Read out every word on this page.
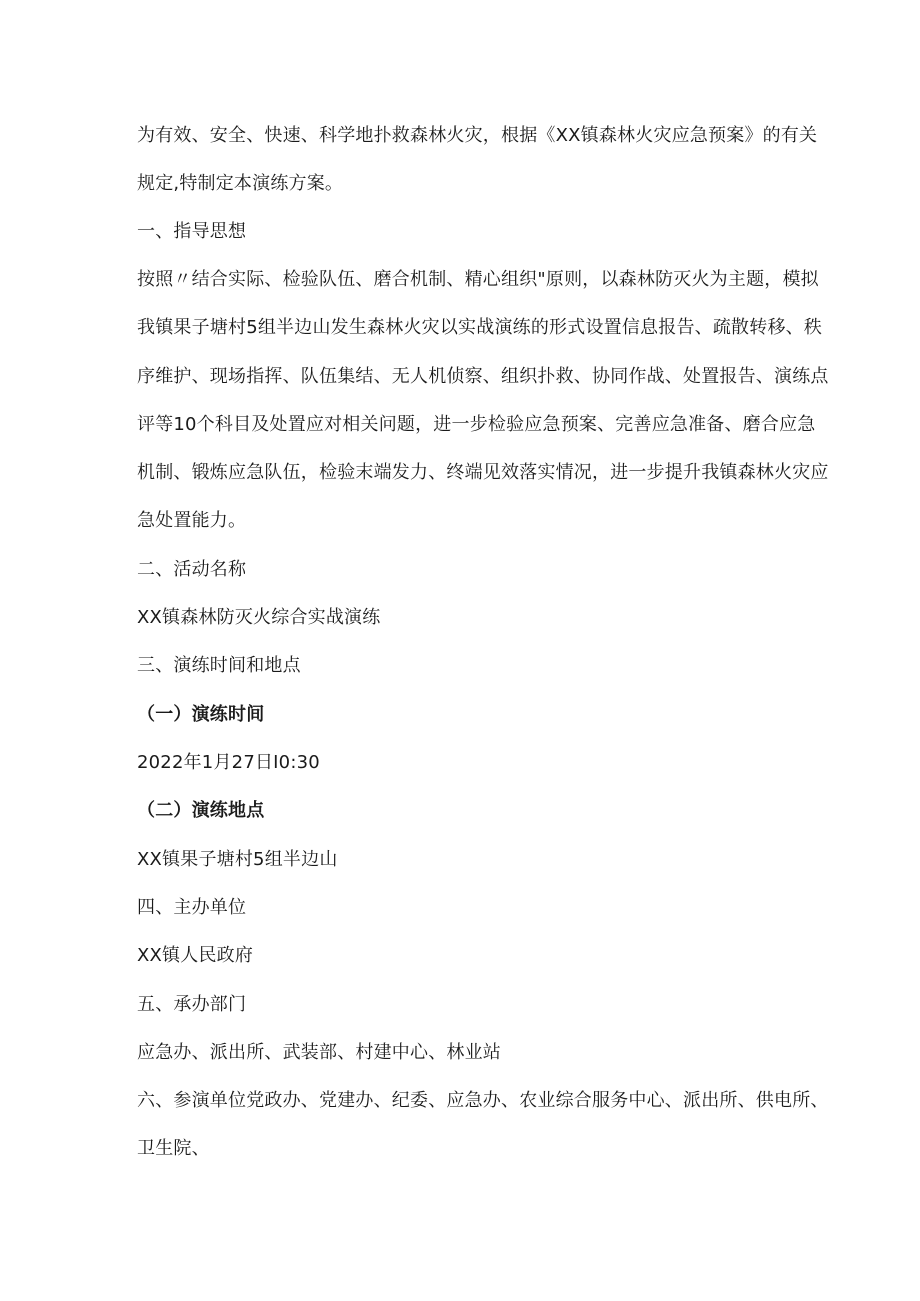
为有效、安全、快速、科学地扑救森林火灾，根据《XX镇森林火灾应急预案》的有关
规定,特制定本演练方案。
一、指导思想
按照〃结合实际、检验队伍、磨合机制、精心组织"原则，以森林防灭火为主题，模拟
我镇果子塘村5组半边山发生森林火灾以实战演练的形式设置信息报告、疏散转移、秩
序维护、现场指挥、队伍集结、无人机侦察、组织扑救、协同作战、处置报告、演练点
评等10个科目及处置应对相关问题，进一步检验应急预案、完善应急准备、磨合应急
机制、锻炼应急队伍，检验末端发力、终端见效落实情况，进一步提升我镇森林火灾应
急处置能力。
二、活动名称
XX镇森林防灭火综合实战演练
三、演练时间和地点
（一）演练时间
2022年1月27日I0:30
（二）演练地点
XX镇果子塘村5组半边山
四、主办单位
XX镇人民政府
五、承办部门
应急办、派出所、武装部、村建中心、林业站
六、参演单位党政办、党建办、纪委、应急办、农业综合服务中心、派出所、供电所、
卫生院、
